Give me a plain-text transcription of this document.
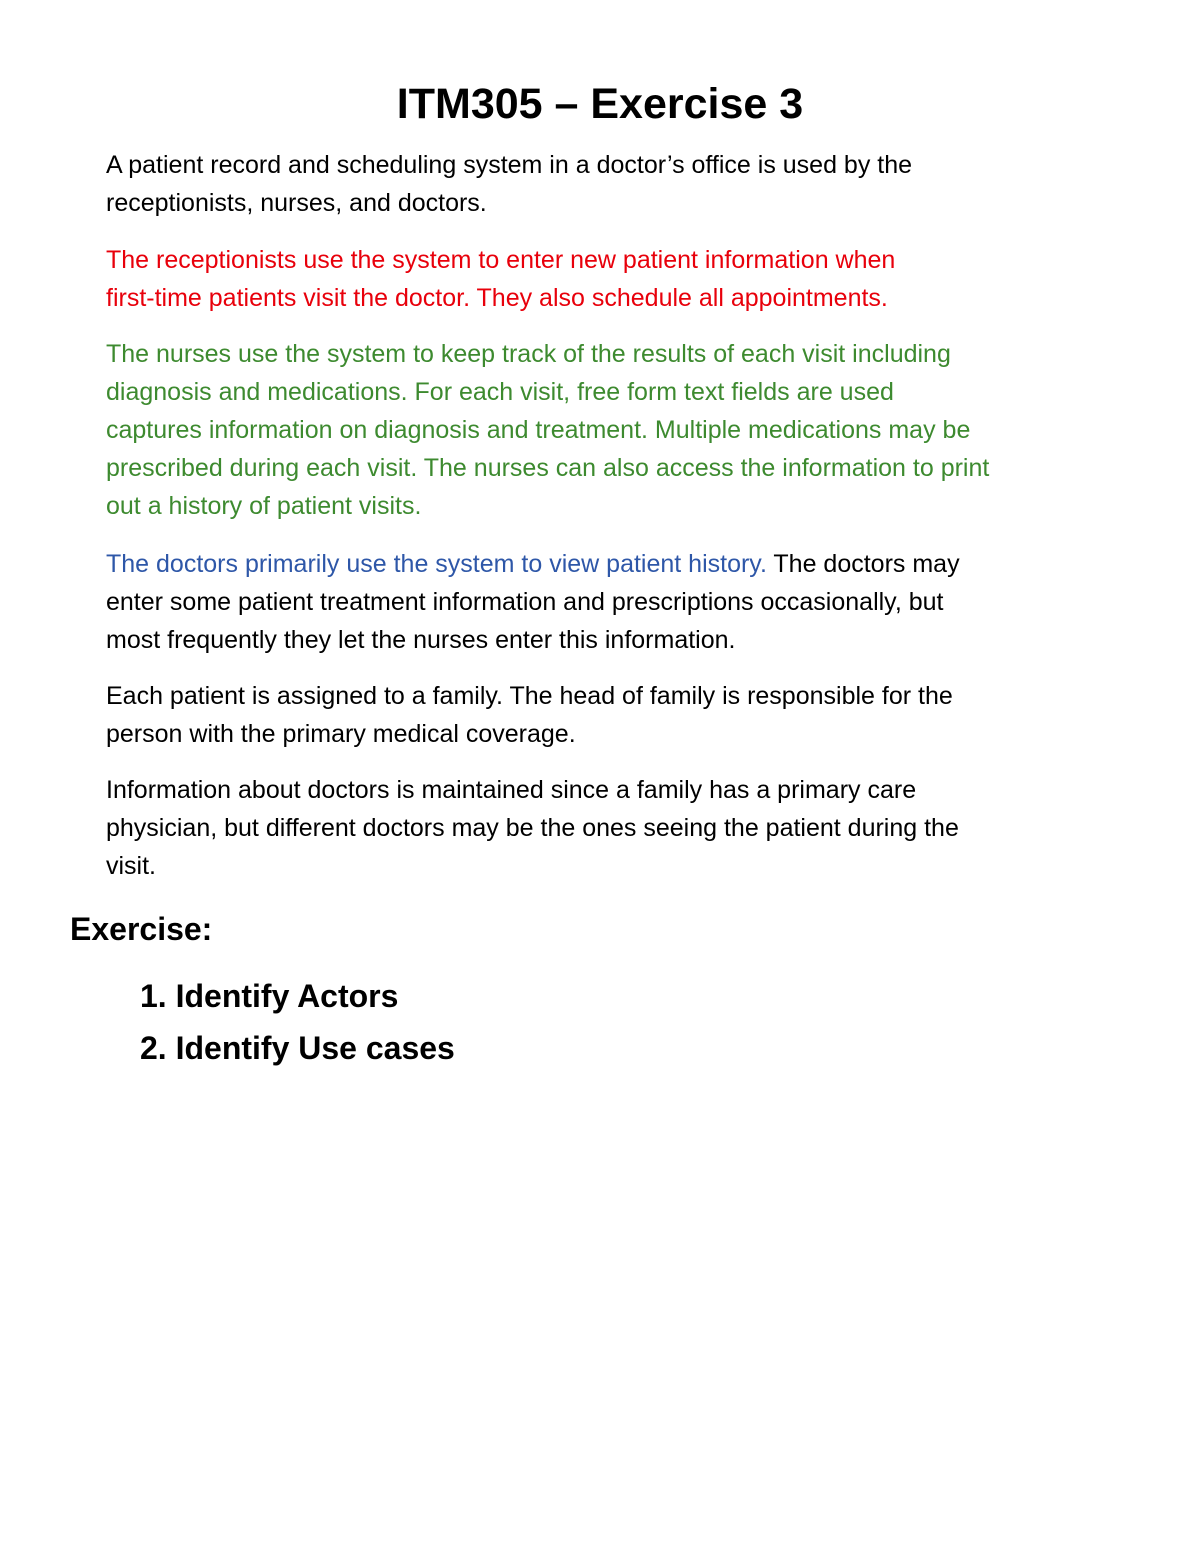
ITM305 – Exercise 3

A patient record and scheduling system in a doctor’s office is used by the
receptionists, nurses, and doctors.

The receptionists use the system to enter new patient information when
first-time patients visit the doctor. They also schedule all appointments.

The nurses use the system to keep track of the results of each visit including
diagnosis and medications. For each visit, free form text fields are used
captures information on diagnosis and treatment. Multiple medications may be
prescribed during each visit. The nurses can also access the information to print
out a history of patient visits.

The doctors primarily use the system to view patient history. The doctors may
enter some patient treatment information and prescriptions occasionally, but
most frequently they let the nurses enter this information.

Each patient is assigned to a family. The head of family is responsible for the
person with the primary medical coverage.

Information about doctors is maintained since a family has a primary care
physician, but different doctors may be the ones seeing the patient during the
visit.

Exercise:
1. Identify Actors
2. Identify Use cases
